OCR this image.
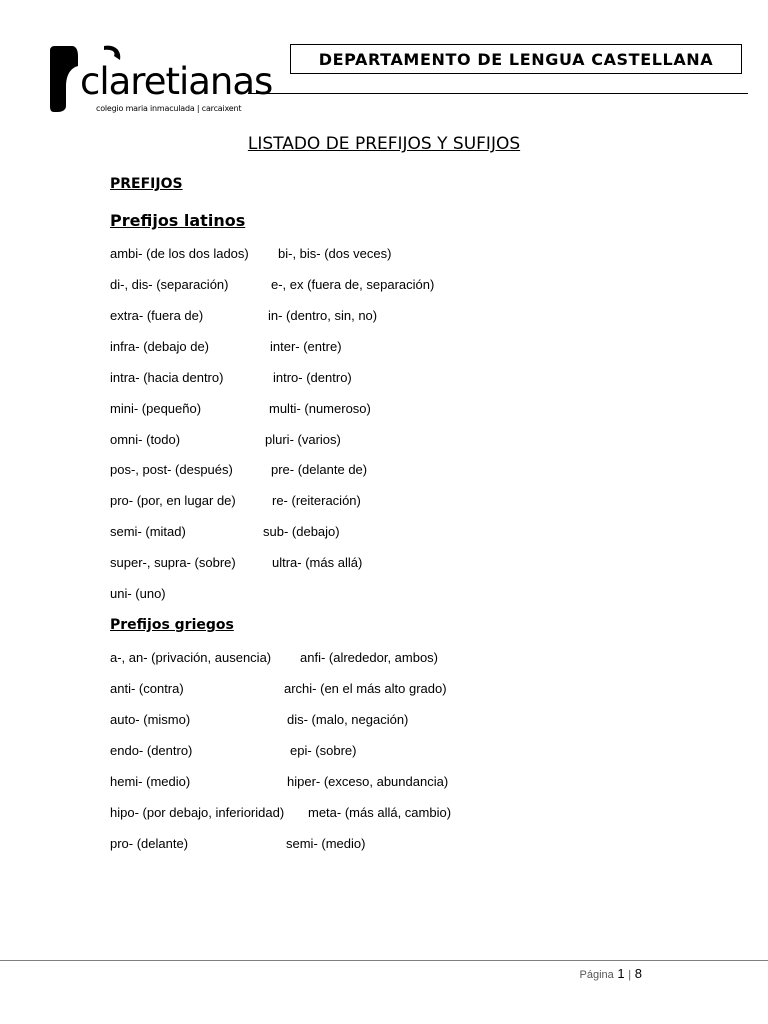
claretianas
colegio maria inmaculada | carcaixent
DEPARTAMENTO DE LENGUA CASTELLANA
LISTADO DE PREFIJOS Y SUFIJOS
PREFIJOS
Prefijos latinos
ambi- (de los dos lados) bi-, bis- (dos veces)
di-, dis- (separación)	e-, ex (fuera de, separación)
extra- (fuera de)	in- (dentro, sin, no)
infra- (debajo de)	inter- (entre)
intra- (hacia dentro)	intro- (dentro)
mini- (pequeño)	multi- (numeroso)
omni- (todo)	pluri- (varios)
pos-, post- (después)	pre- (delante de)
pro- (por, en lugar de)	re- (reiteración)
semi- (mitad)	sub- (debajo)
super-, supra- (sobre)	ultra- (más allá)
uni- (uno)
Prefijos griegos
a-, an- (privación, ausencia) anfi- (alrededor, ambos)
anti- (contra)	archi- (en el más alto grado)
auto- (mismo)	dis- (malo, negación)
endo- (dentro)	epi- (sobre)
hemi- (medio)	hiper- (exceso, abundancia)
hipo- (por debajo, inferioridad) meta- (más allá, cambio)
pro- (delante)	semi- (medio)
Página 1 | 8
